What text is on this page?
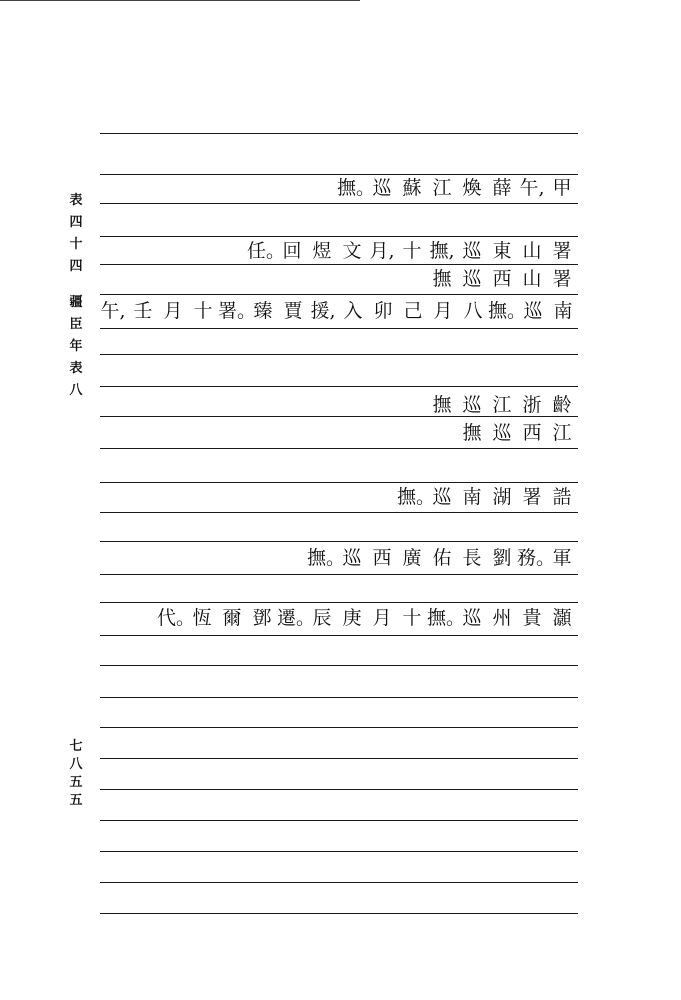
表
四
十
四
疆
臣
年
表
八
七
八
五
五
撫。巡 蘇 江 煥 薛 午, 甲
任。回 煜 文 月, 十 撫, 巡 東 山 署
撫 巡 西 山 署
午, 壬 月 十 署。臻 賈 援, 入 卯 己 月 八 撫。巡 南
撫 巡 江 浙 齡
撫 巡 西 江
撫。巡 南 湖 署 誥
撫。巡 西 廣 佑 長 劉 務。軍
代。恆 爾 鄧 遷。辰 庚 月 十 撫。巡 州 貴 灝
